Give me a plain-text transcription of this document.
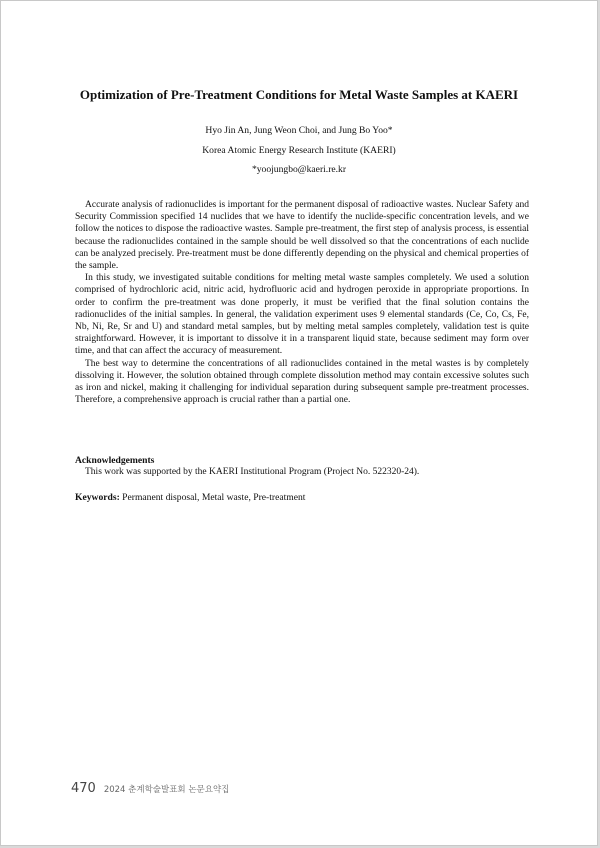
Optimization of Pre-Treatment Conditions for Metal Waste Samples at KAERI
Hyo Jin An, Jung Weon Choi, and Jung Bo Yoo*
Korea Atomic Energy Research Institute (KAERI)
*yoojungbo@kaeri.re.kr

Accurate analysis of radionuclides is important for the permanent disposal of radioactive wastes. Nuclear Safety and Security Commission specified 14 nuclides that we have to identify the nuclide-specific concentration levels, and we follow the notices to dispose the radioactive wastes. Sample pre-treatment, the first step of analysis process, is essential because the radionuclides contained in the sample should be well dissolved so that the concentrations of each nuclide can be analyzed precisely. Pre-treatment must be done differently depending on the physical and chemical properties of the sample.

In this study, we investigated suitable conditions for melting metal waste samples completely. We used a solution comprised of hydrochloric acid, nitric acid, hydrofluoric acid and hydrogen peroxide in appropriate proportions. In order to confirm the pre-treatment was done properly, it must be verified that the final solution contains the radionuclides of the initial samples. In general, the validation experiment uses 9 elemental standards (Ce, Co, Cs, Fe, Nb, Ni, Re, Sr and U) and standard metal samples, but by melting metal samples completely, validation test is quite straightforward. However, it is important to dissolve it in a transparent liquid state, because sediment may form over time, and that can affect the accuracy of measurement.

The best way to determine the concentrations of all radionuclides contained in the metal wastes is by completely dissolving it. However, the solution obtained through complete dissolution method may contain excessive solutes such as iron and nickel, making it challenging for individual separation during subsequent sample pre-treatment processes. Therefore, a comprehensive approach is crucial rather than a partial one.

Acknowledgements
This work was supported by the KAERI Institutional Program (Project No. 522320-24).
Keywords: Permanent disposal, Metal waste, Pre-treatment
470 2024 춘계학술발표회 논문요약집
